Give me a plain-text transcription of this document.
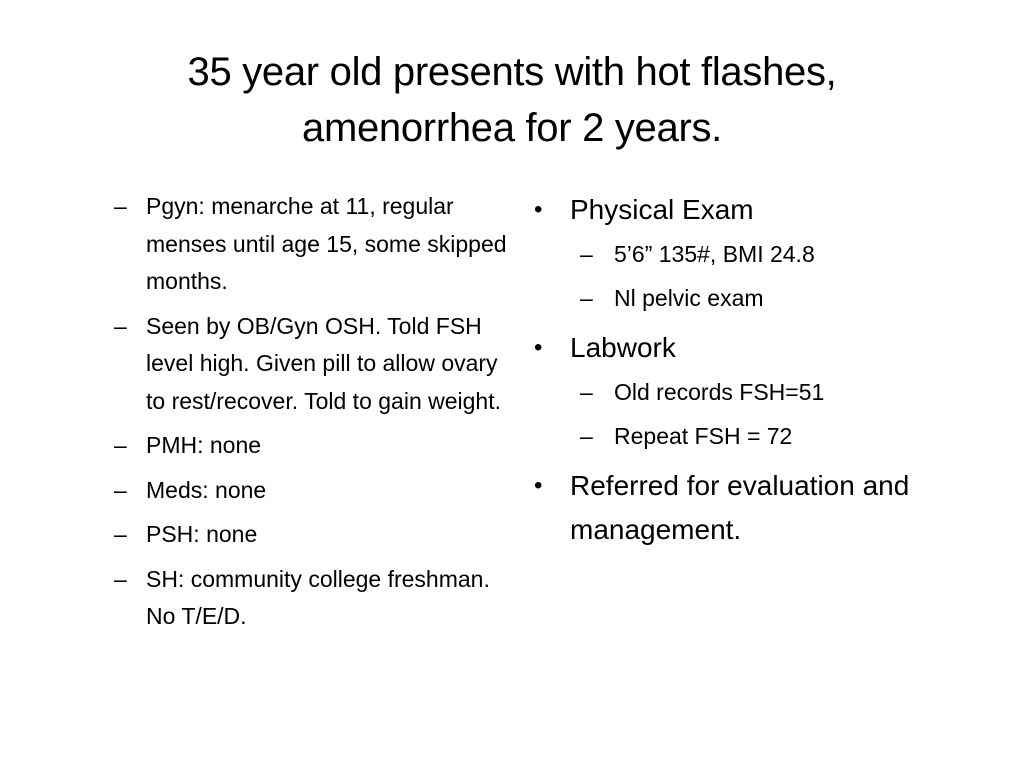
35 year old presents with hot flashes,
amenorrhea for 2 years.
– Pgyn: menarche at 11, regular menses until age 15, some skipped months.
– Seen by OB/Gyn OSH. Told FSH level high. Given pill to allow ovary to rest/recover. Told to gain weight.
– PMH: none
– Meds: none
– PSH: none
– SH: community college freshman. No T/E/D.
• Physical Exam
– 5’6” 135#, BMI 24.8
– Nl pelvic exam
• Labwork
– Old records FSH=51
– Repeat FSH = 72
• Referred for evaluation and management.
